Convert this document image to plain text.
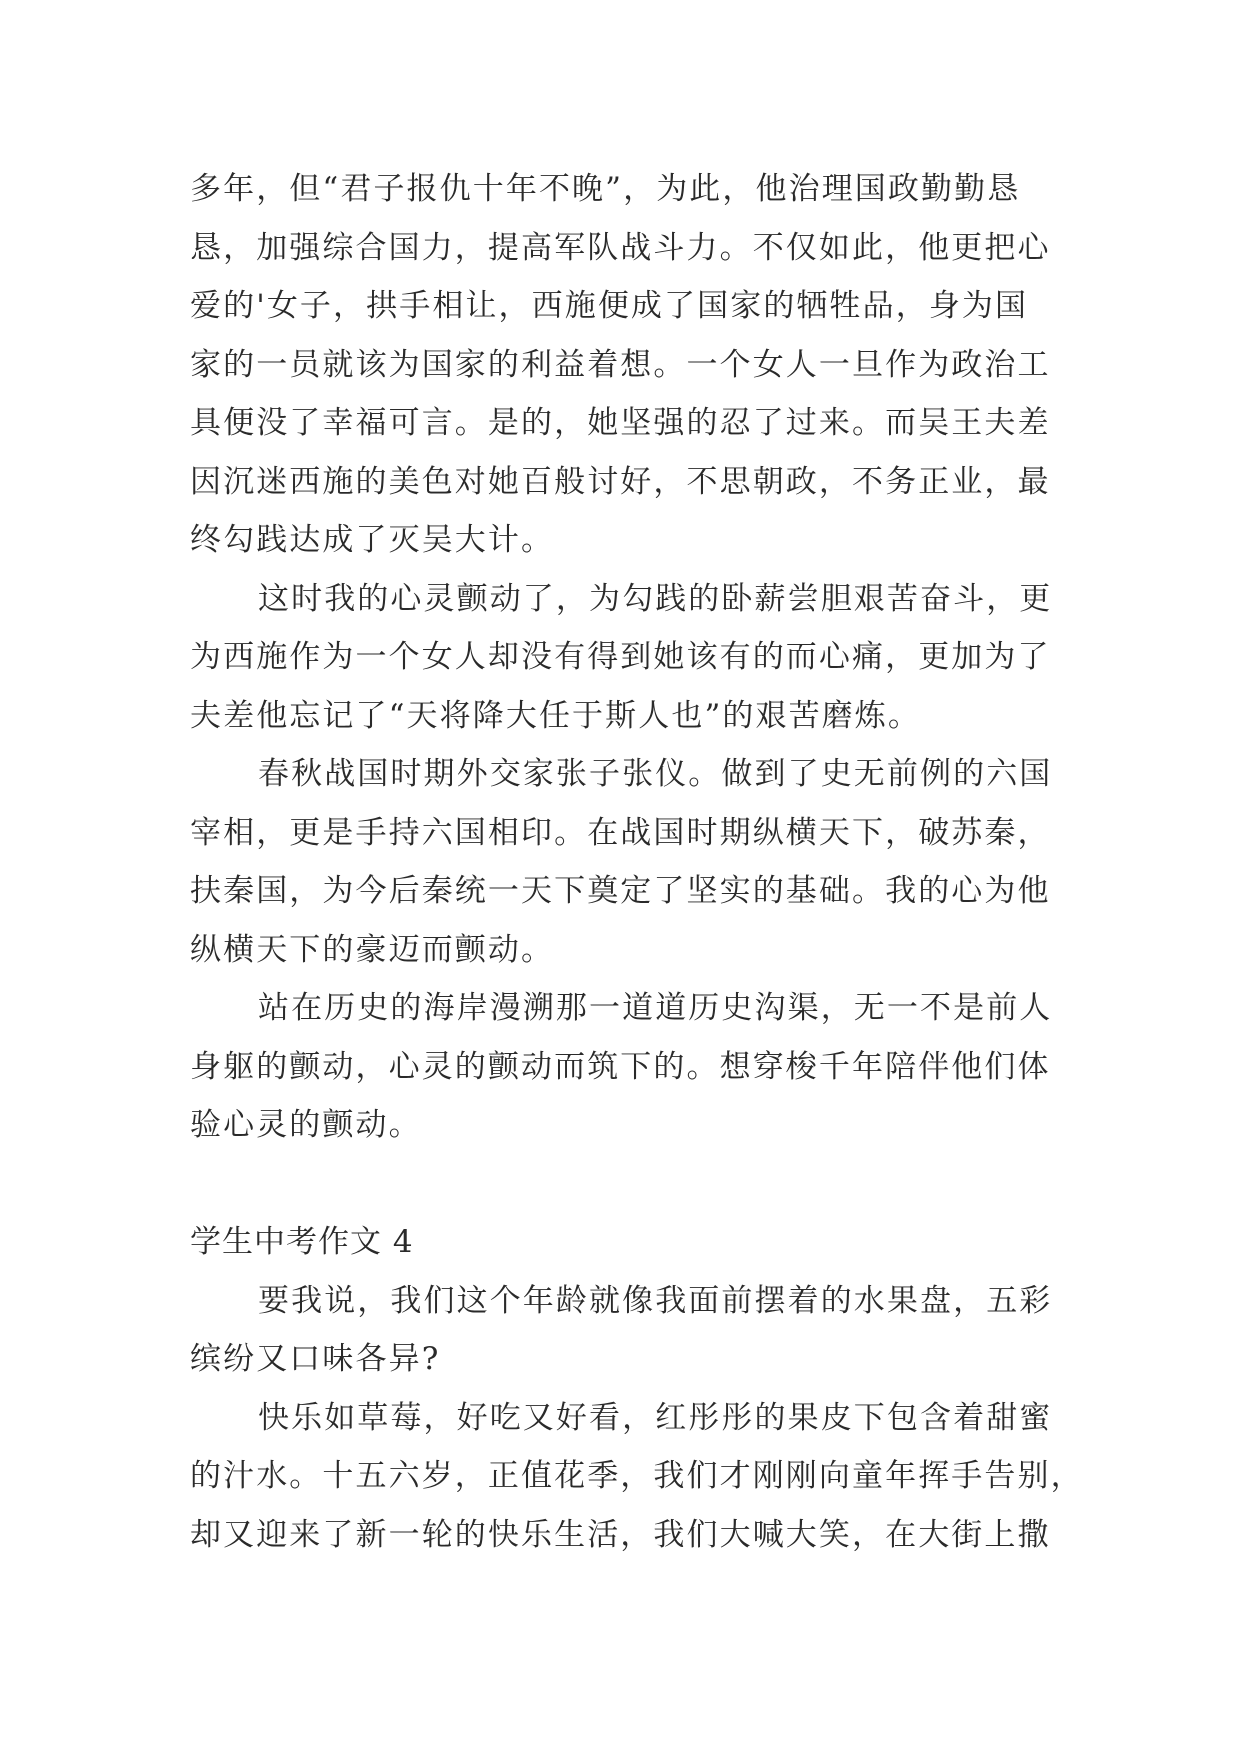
多年，但“君子报仇十年不晚”，为此，他治理国政勤勤恳
恳，加强综合国力，提高军队战斗力。不仅如此，他更把心
爱的'女子，拱手相让，西施便成了国家的牺牲品，身为国
家的一员就该为国家的利益着想。一个女人一旦作为政治工
具便没了幸福可言。是的，她坚强的忍了过来。而吴王夫差
因沉迷西施的美色对她百般讨好，不思朝政，不务正业，最
终勾践达成了灭吴大计。
这时我的心灵颤动了，为勾践的卧薪尝胆艰苦奋斗，更
为西施作为一个女人却没有得到她该有的而心痛，更加为了
夫差他忘记了“天将降大任于斯人也”的艰苦磨炼。
春秋战国时期外交家张子张仪。做到了史无前例的六国
宰相，更是手持六国相印。在战国时期纵横天下，破苏秦，
扶秦国，为今后秦统一天下奠定了坚实的基础。我的心为他
纵横天下的豪迈而颤动。
站在历史的海岸漫溯那一道道历史沟渠，无一不是前人
身躯的颤动，心灵的颤动而筑下的。想穿梭千年陪伴他们体
验心灵的颤动。
学生中考作文 4
要我说，我们这个年龄就像我面前摆着的水果盘，五彩
缤纷又口味各异?
快乐如草莓，好吃又好看，红彤彤的果皮下包含着甜蜜
的汁水。十五六岁，正值花季，我们才刚刚向童年挥手告别，
却又迎来了新一轮的快乐生活，我们大喊大笑，在大街上撒
